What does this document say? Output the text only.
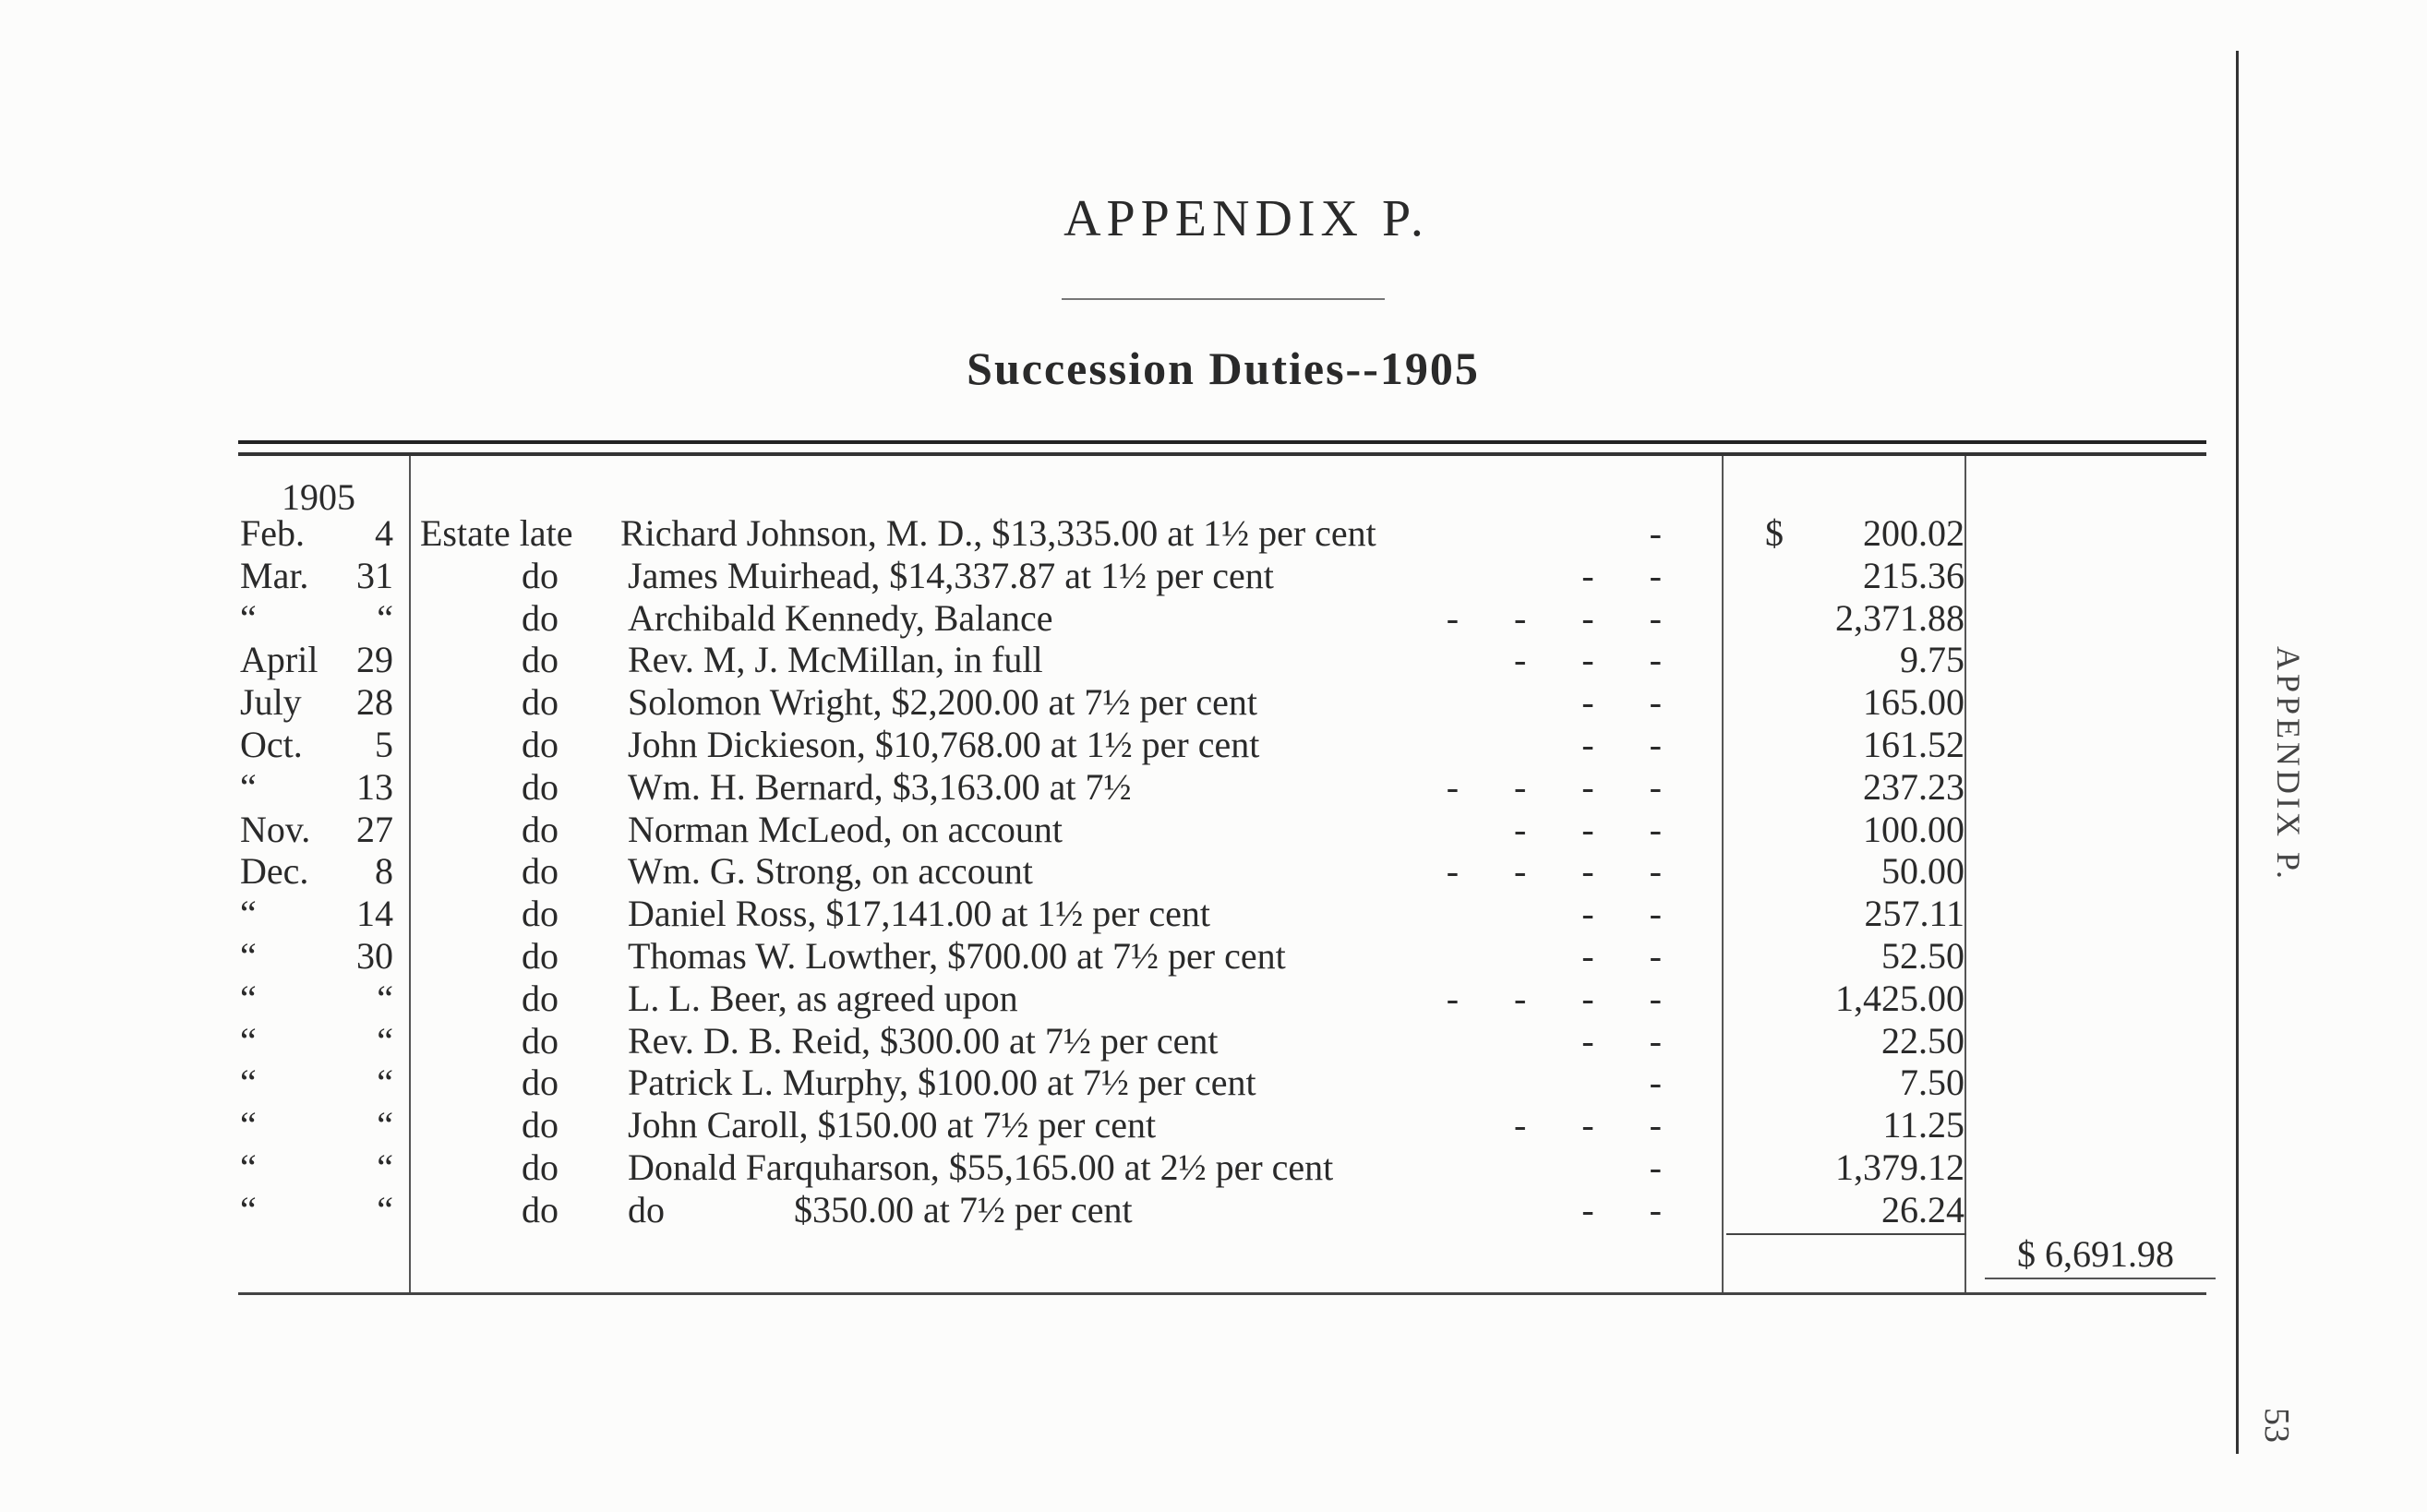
APPENDIX P.
Succession Duties--1905
APPENDIX P.
53
1905
Feb.	4 Estate late	Richard Johnson, M. D., $13,335.00 at 1½ per cent	-	$	200.02
Mar.	31	do	James Muirhead, $14,337.87 at 1½ per cent	-      -	215.36
“	“	do	Archibald Kennedy, Balance	-      -      -      -	2,371.88
April	29	do	Rev. M, J. McMillan, in full	-      -      -	9.75
July	28	do	Solomon Wright, $2,200.00 at 7½ per cent	-      -	165.00
Oct.	5	do	John Dickieson, $10,768.00 at 1½ per cent	-      -	161.52
“	13	do	Wm. H. Bernard, $3,163.00 at 7½	-      -      -      -	237.23
Nov.	27	do	Norman McLeod, on account	-      -      -	100.00
Dec.	8	do	Wm. G. Strong, on account	-      -      -      -	50.00
“	14	do	Daniel Ross, $17,141.00 at 1½ per cent	-      -	257.11
“	30	do	Thomas W. Lowther, $700.00 at 7½ per cent	-      -	52.50
“	“	do	L. L. Beer, as agreed upon	-      -      -      -	1,425.00
“	“	do	Rev. D. B. Reid, $300.00 at 7½ per cent	-      -	22.50
“	“	do	Patrick L. Murphy, $100.00 at 7½ per cent	-	7.50
“	“	do	John Caroll, $150.00 at 7½ per cent	-      -      -	11.25
“	“	do	Donald Farquharson, $55,165.00 at 2½ per cent	-	1,379.12
“	“	do	do              $350.00 at 7½ per cent	-      -	26.24
$ 6,691.98
